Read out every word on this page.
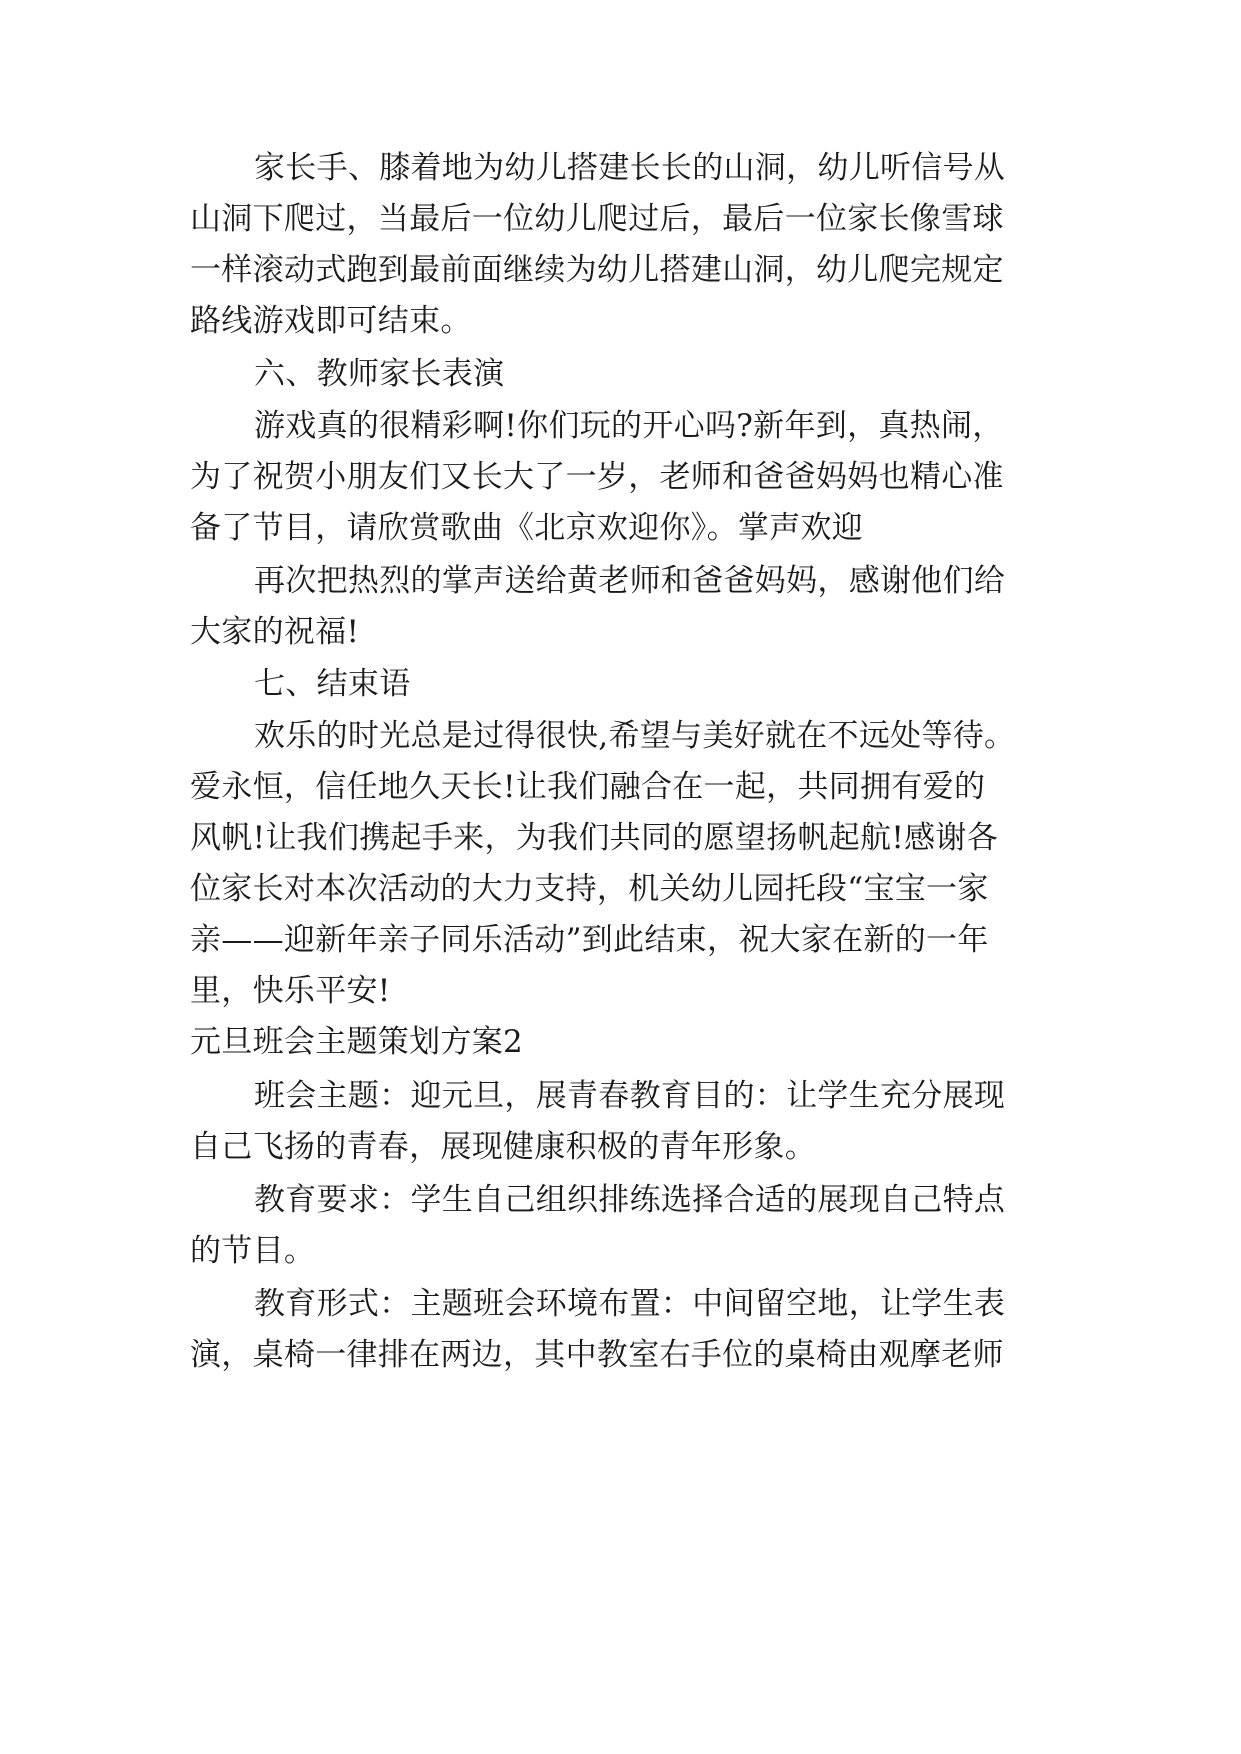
家长手、膝着地为幼儿搭建长长的山洞，幼儿听信号从
山洞下爬过，当最后一位幼儿爬过后，最后一位家长像雪球
一样滚动式跑到最前面继续为幼儿搭建山洞，幼儿爬完规定
路线游戏即可结束。
六、教师家长表演
游戏真的很精彩啊!你们玩的开心吗?新年到，真热闹，
为了祝贺小朋友们又长大了一岁，老师和爸爸妈妈也精心准
备了节目，请欣赏歌曲《北京欢迎你》。掌声欢迎
再次把热烈的掌声送给黄老师和爸爸妈妈，感谢他们给
大家的祝福!
七、结束语
欢乐的时光总是过得很快,希望与美好就在不远处等待。
爱永恒，信任地久天长!让我们融合在一起，共同拥有爱的
风帆!让我们携起手来，为我们共同的愿望扬帆起航!感谢各
位家长对本次活动的大力支持，机关幼儿园托段“宝宝一家
亲——迎新年亲子同乐活动”到此结束，祝大家在新的一年
里，快乐平安!
元旦班会主题策划方案2
班会主题：迎元旦，展青春教育目的：让学生充分展现
自己飞扬的青春，展现健康积极的青年形象。
教育要求：学生自己组织排练选择合适的展现自己特点
的节目。
教育形式：主题班会环境布置：中间留空地，让学生表
演，桌椅一律排在两边，其中教室右手位的桌椅由观摩老师
